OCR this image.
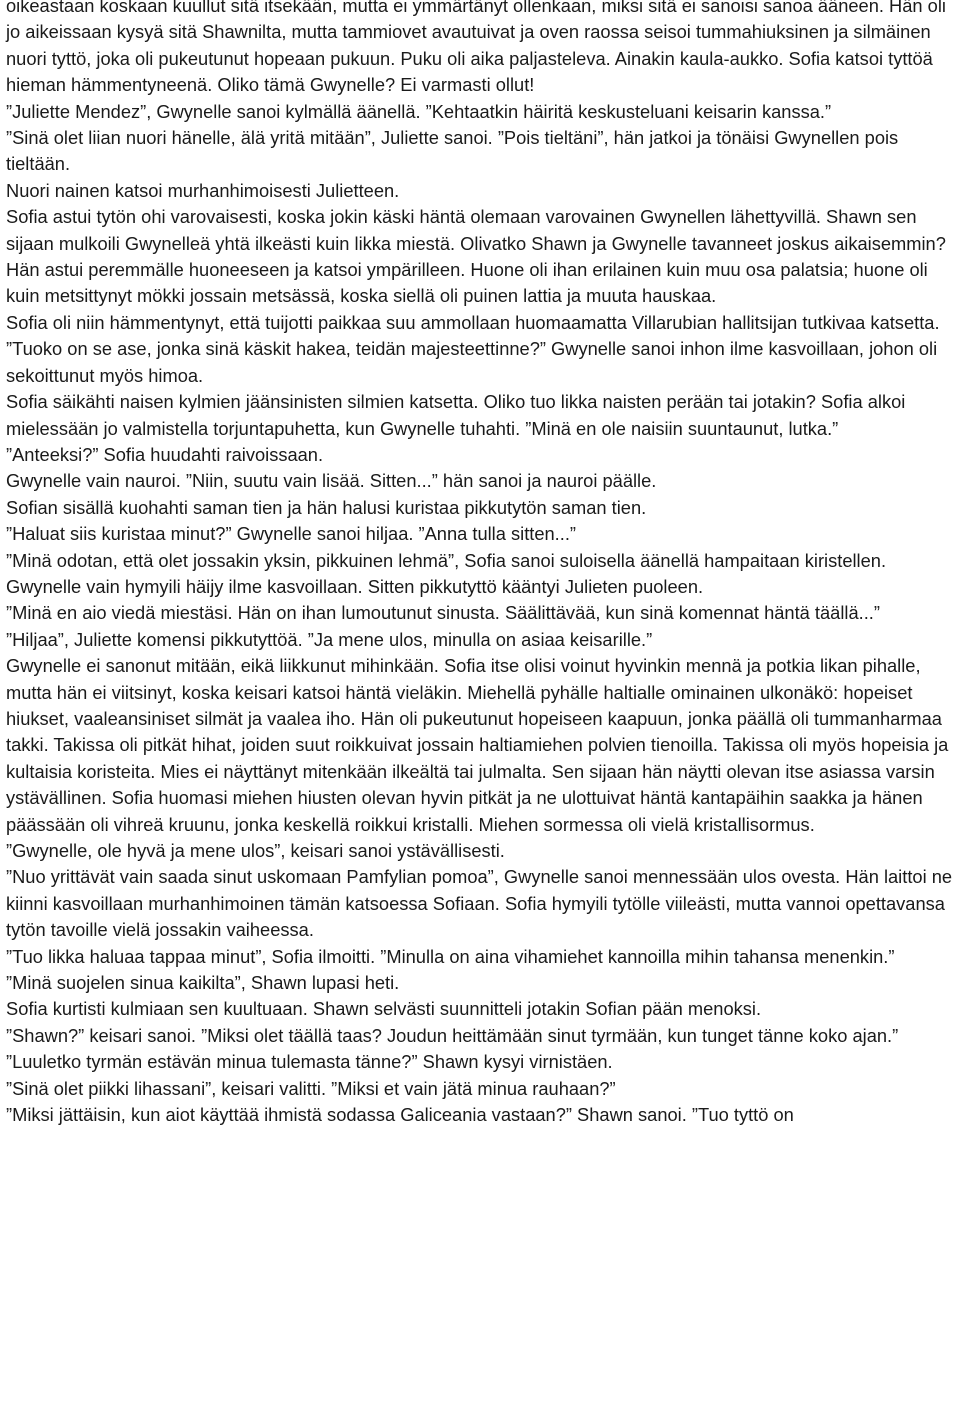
oikeastaan koskaan kuullut sitä itsekään, mutta ei ymmärtänyt ollenkaan, miksi sitä ei sanoisi sanoa ääneen. Hän oli jo aikeissaan kysyä sitä Shawnilta, mutta tammiovet avautuivat ja oven raossa seisoi tummahiuksinen ja silmäinen nuori tyttö, joka oli pukeutunut hopeaan pukuun. Puku oli aika paljasteleva. Ainakin kaula-aukko. Sofia katsoi tyttöä hieman hämmentyneenä. Oliko tämä Gwynelle? Ei varmasti ollut!

”Juliette Mendez”, Gwynelle sanoi kylmällä äänellä. ”Kehtaatkin häiritä keskusteluani keisarin kanssa.”

”Sinä olet liian nuori hänelle, älä yritä mitään”, Juliette sanoi. ”Pois tieltäni”, hän jatkoi ja tönäisi Gwynellen pois tieltään.

Nuori nainen katsoi murhanhimoisesti Julietteen.

Sofia astui tytön ohi varovaisesti, koska jokin käski häntä olemaan varovainen Gwynellen lähettyvillä. Shawn sen sijaan mulkoili Gwynelleä yhtä ilkeästi kuin likka miestä. Olivatko Shawn ja Gwynelle tavanneet joskus aikaisemmin? Hän astui peremmälle huoneeseen ja katsoi ympärilleen. Huone oli ihan erilainen kuin muu osa palatsia; huone oli kuin metsittynyt mökki jossain metsässä, koska siellä oli puinen lattia ja muuta hauskaa.

Sofia oli niin hämmentynyt, että tuijotti paikkaa suu ammollaan huomaamatta Villarubian hallitsijan tutkivaa katsetta.

”Tuoko on se ase, jonka sinä käskit hakea, teidän majesteettinne?” Gwynelle sanoi inhon ilme kasvoillaan, johon oli sekoittunut myös himoa.

Sofia säikähti naisen kylmien jäänsinisten silmien katsetta. Oliko tuo likka naisten perään tai jotakin? Sofia alkoi mielessään jo valmistella torjuntapuhetta, kun Gwynelle tuhahti. ”Minä en ole naisiin suuntaunut, lutka.”

”Anteeksi?” Sofia huudahti raivoissaan.

Gwynelle vain nauroi. ”Niin, suutu vain lisää. Sitten...” hän sanoi ja nauroi päälle.

Sofian sisällä kuohahti saman tien ja hän halusi kuristaa pikkutytön saman tien.

”Haluat siis kuristaa minut?” Gwynelle sanoi hiljaa. ”Anna tulla sitten...”

”Minä odotan, että olet jossakin yksin, pikkuinen lehmä”, Sofia sanoi suloisella äänellä hampaitaan kiristellen. Gwynelle vain hymyili häijy ilme kasvoillaan. Sitten pikkutyttö kääntyi Julieten puoleen.

”Minä en aio viedä miestäsi. Hän on ihan lumoutunut sinusta. Säälittävää, kun sinä komennat häntä täällä...”

”Hiljaa”, Juliette komensi pikkutyttöä. ”Ja mene ulos, minulla on asiaa keisarille.”

Gwynelle ei sanonut mitään, eikä liikkunut mihinkään. Sofia itse olisi voinut hyvinkin mennä ja potkia likan pihalle, mutta hän ei viitsinyt, koska keisari katsoi häntä vieläkin. Miehellä pyhälle haltialle ominainen ulkonäkö: hopeiset hiukset, vaaleansiniset silmät ja vaalea iho. Hän oli pukeutunut hopeiseen kaapuun, jonka päällä oli tummanharmaa takki. Takissa oli pitkät hihat, joiden suut roikkuivat jossain haltiamiehen polvien tienoilla. Takissa oli myös hopeisia ja kultaisia koristeita. Mies ei näyttänyt mitenkään ilkeältä tai julmalta. Sen sijaan hän näytti olevan itse asiassa varsin ystävällinen. Sofia huomasi miehen hiusten olevan hyvin pitkät ja ne ulottuivat häntä kantapäihin saakka ja hänen päässään oli vihreä kruunu, jonka keskellä roikkui kristalli. Miehen sormessa oli vielä kristallisormus.

”Gwynelle, ole hyvä ja mene ulos”, keisari sanoi ystävällisesti.

”Nuo yrittävät vain saada sinut uskomaan Pamfylian pomoa”, Gwynelle sanoi mennessään ulos ovesta. Hän laittoi ne kiinni kasvoillaan murhanhimoinen tämän katsoessa Sofiaan. Sofia hymyili tytölle viileästi, mutta vannoi opettavansa tytön tavoille vielä jossakin vaiheessa.

”Tuo likka haluaa tappaa minut”, Sofia ilmoitti. ”Minulla on aina vihamiehet kannoilla mihin tahansa menenkin.”

”Minä suojelen sinua kaikilta”, Shawn lupasi heti.

Sofia kurtisti kulmiaan sen kuultuaan. Shawn selvästi suunnitteli jotakin Sofian pään menoksi.

”Shawn?” keisari sanoi. ”Miksi olet täällä taas? Joudun heittämään sinut tyrmään, kun tunget tänne koko ajan.”

”Luuletko tyrmän estävän minua tulemasta tänne?” Shawn kysyi virnistäen.

”Sinä olet piikki lihassani”, keisari valitti. ”Miksi et vain jätä minua rauhaan?”

”Miksi jättäisin, kun aiot käyttää ihmistä sodassa Galiceania vastaan?” Shawn sanoi. ”Tuo tyttö on
